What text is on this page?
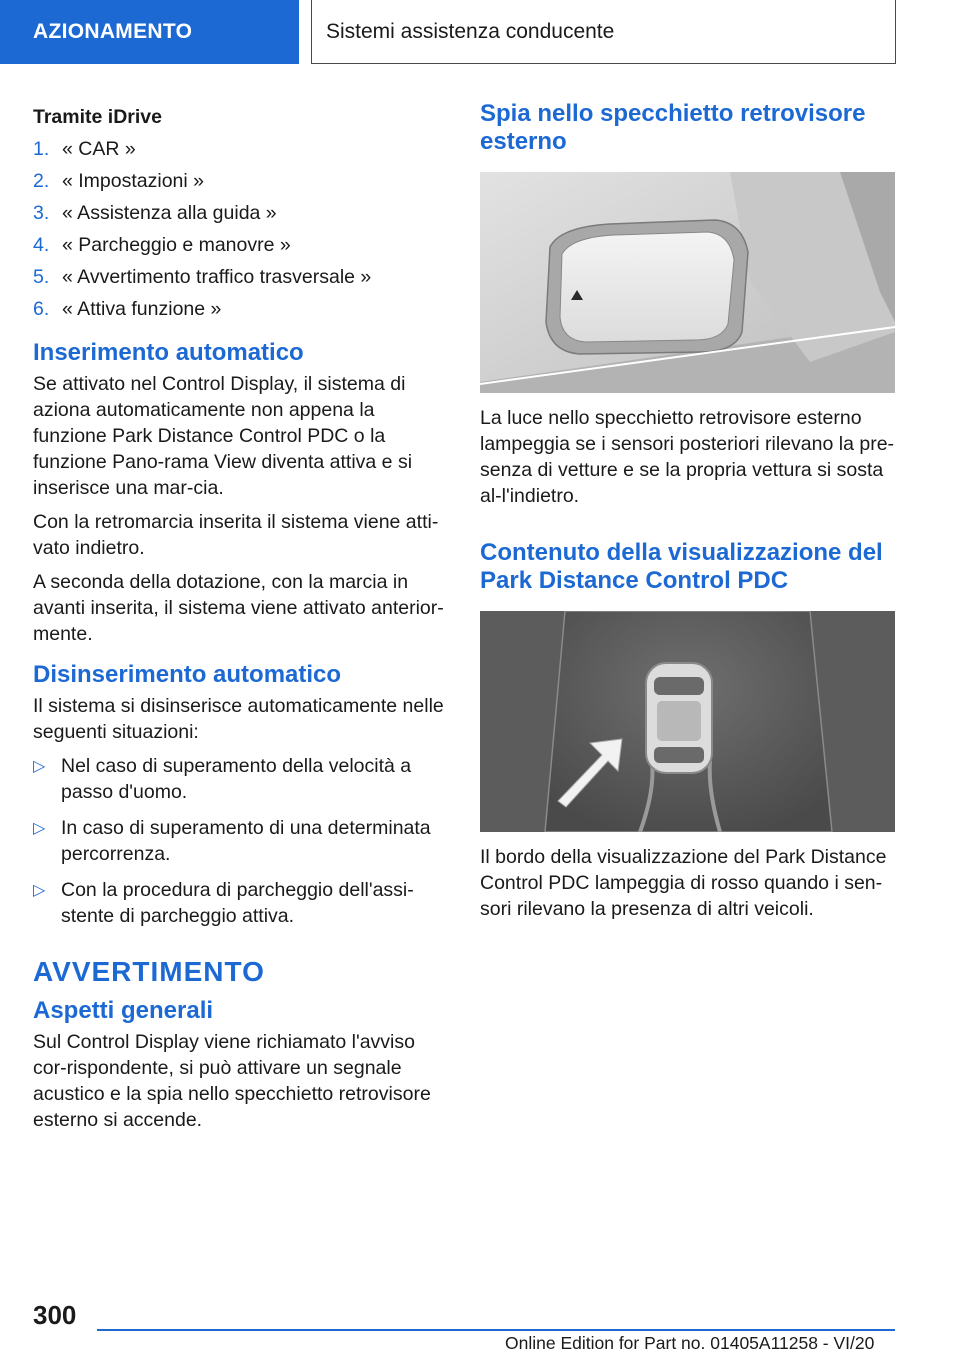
AZIONAMENTO	Sistemi assistenza conducente
Tramite iDrive
1. « CAR »
2. « Impostazioni »
3. « Assistenza alla guida »
4. « Parcheggio e manovre »
5. « Avvertimento traffico trasversale »
6. « Attiva funzione »
Inserimento automatico

Se attivato nel Control Display, il sistema di aziona automaticamente non appena la funzione Park Distance Control PDC o la funzione Pano‐rama View diventa attiva e si inserisce una mar‐cia.

Con la retromarcia inserita il sistema viene atti‐vato indietro.

A seconda della dotazione, con la marcia in avanti inserita, il sistema viene attivato anterior‐mente.

Disinserimento automatico

Il sistema si disinserisce automaticamente nelle seguenti situazioni:

▷ Nel caso di superamento della velocità a passo d'uomo.
▷ In caso di superamento di una determinata percorrenza.
▷ Con la procedura di parcheggio dell'assi‐stente di parcheggio attiva.
AVVERTIMENTO
Aspetti generali

Sul Control Display viene richiamato l'avviso cor‐rispondente, si può attivare un segnale acustico e la spia nello specchietto retrovisore esterno si accende.

Spia nello specchietto retrovisore esterno

La luce nello specchietto retrovisore esterno lampeggia se i sensori posteriori rilevano la pre‐senza di vetture e se la propria vettura si sosta al‐l'indietro.

Contenuto della visualizzazione del Park Distance Control PDC

Il bordo della visualizzazione del Park Distance Control PDC lampeggia di rosso quando i sen‐sori rilevano la presenza di altri veicoli.

300
Online Edition for Part no. 01405A11258 - VI/20
